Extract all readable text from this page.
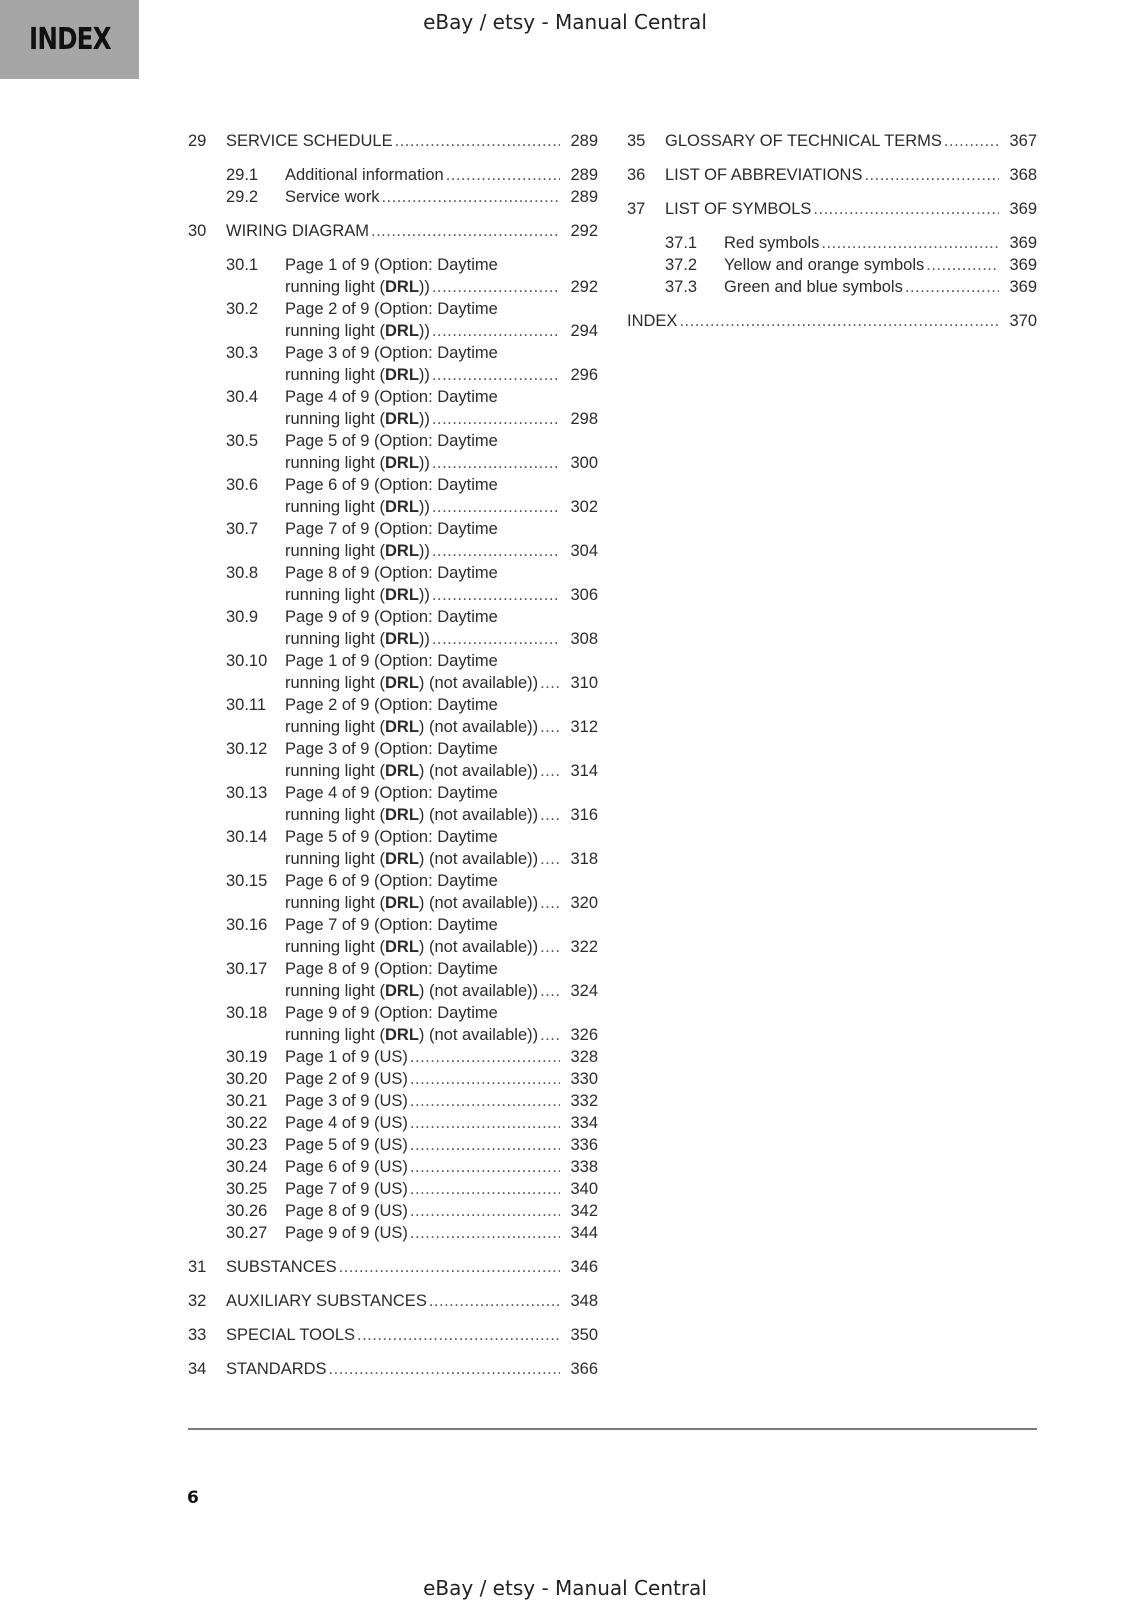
INDEX	eBay / etsy - Manual Central
29	SERVICE SCHEDULE .....	289
29.1	Additional information .....	289
29.2	Service work .....	289
30	WIRING DIAGRAM .....	292
30.1	Page 1 of 9 (Option: Daytime
running light (DRL)) .....	292
30.2	Page 2 of 9 (Option: Daytime
running light (DRL)) .....	294
30.3	Page 3 of 9 (Option: Daytime
running light (DRL)) .....	296
30.4	Page 4 of 9 (Option: Daytime
running light (DRL)) .....	298
30.5	Page 5 of 9 (Option: Daytime
running light (DRL)) .....	300
30.6	Page 6 of 9 (Option: Daytime
running light (DRL)) .....	302
30.7	Page 7 of 9 (Option: Daytime
running light (DRL)) .....	304
30.8	Page 8 of 9 (Option: Daytime
running light (DRL)) .....	306
30.9	Page 9 of 9 (Option: Daytime
running light (DRL)) .....	308
30.10	Page 1 of 9 (Option: Daytime
running light (DRL) (not available)) .....	310
30.11	Page 2 of 9 (Option: Daytime
running light (DRL) (not available)) .....	312
30.12	Page 3 of 9 (Option: Daytime
running light (DRL) (not available)) .....	314
30.13	Page 4 of 9 (Option: Daytime
running light (DRL) (not available)) .....	316
30.14	Page 5 of 9 (Option: Daytime
running light (DRL) (not available)) .....	318
30.15	Page 6 of 9 (Option: Daytime
running light (DRL) (not available)) .....	320
30.16	Page 7 of 9 (Option: Daytime
running light (DRL) (not available)) .....	322
30.17	Page 8 of 9 (Option: Daytime
running light (DRL) (not available)) .....	324
30.18	Page 9 of 9 (Option: Daytime
running light (DRL) (not available)) .....	326
30.19	Page 1 of 9 (US) .....	328
30.20	Page 2 of 9 (US) .....	330
30.21	Page 3 of 9 (US) .....	332
30.22	Page 4 of 9 (US) .....	334
30.23	Page 5 of 9 (US) .....	336
30.24	Page 6 of 9 (US) .....	338
30.25	Page 7 of 9 (US) .....	340
30.26	Page 8 of 9 (US) .....	342
30.27	Page 9 of 9 (US) .....	344
31	SUBSTANCES .....	346
32	AUXILIARY SUBSTANCES .....	348
33	SPECIAL TOOLS .....	350
34	STANDARDS .....	366
35	GLOSSARY OF TECHNICAL TERMS .....	367
36	LIST OF ABBREVIATIONS .....	368
37	LIST OF SYMBOLS .....	369
37.1	Red symbols .....	369
37.2	Yellow and orange symbols .....	369
37.3	Green and blue symbols .....	369
INDEX .....	370
6
eBay / etsy - Manual Central
